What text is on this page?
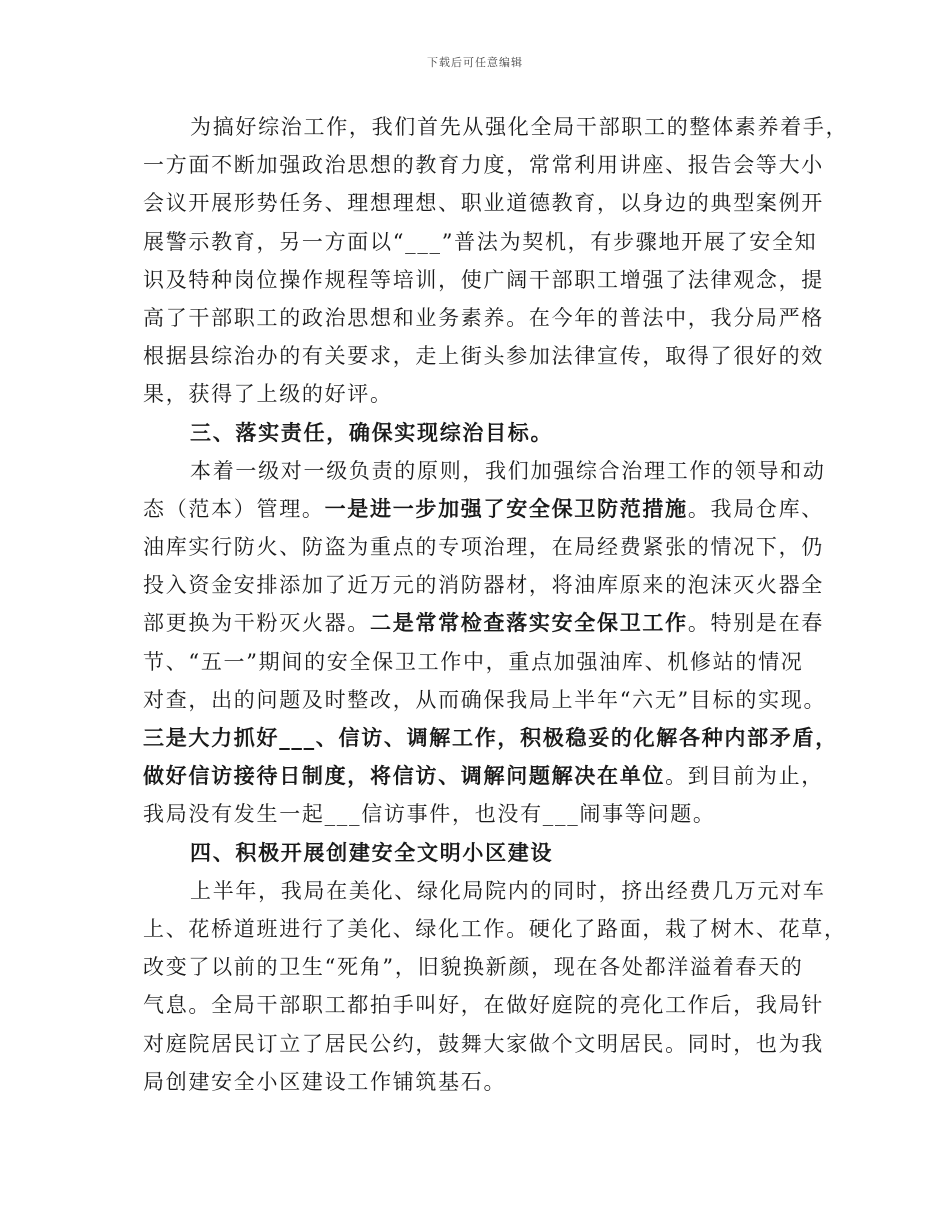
下载后可任意编辑
为搞好综治工作，我们首先从强化全局干部职工的整体素养着手，
一方面不断加强政治思想的教育力度，常常利用讲座、报告会等大小
会议开展形势任务、理想理想、职业道德教育，以身边的典型案例开
展警示教育，另一方面以“___”普法为契机，有步骤地开展了安全知
识及特种岗位操作规程等培训，使广阔干部职工增强了法律观念，提
高了干部职工的政治思想和业务素养。在今年的普法中，我分局严格
根据县综治办的有关要求，走上街头参加法律宣传，取得了很好的效
果，获得了上级的好评。
三、落实责任，确保实现综治目标。
本着一级对一级负责的原则，我们加强综合治理工作的领导和动
态（范本）管理。一是进一步加强了安全保卫防范措施。我局仓库、
油库实行防火、防盗为重点的专项治理，在局经费紧张的情况下，仍
投入资金安排添加了近万元的消防器材，将油库原来的泡沫灭火器全
部更换为干粉灭火器。二是常常检查落实安全保卫工作。特别是在春
节、“五一”期间的安全保卫工作中，重点加强油库、机修站的情况
对查，出的问题及时整改，从而确保我局上半年“六无”目标的实现。
三是大力抓好___、信访、调解工作，积极稳妥的化解各种内部矛盾，
做好信访接待日制度，将信访、调解问题解决在单位。到目前为止，
我局没有发生一起___信访事件，也没有___闹事等问题。
四、积极开展创建安全文明小区建设
上半年，我局在美化、绿化局院内的同时，挤出经费几万元对车
上、花桥道班进行了美化、绿化工作。硬化了路面，栽了树木、花草，
改变了以前的卫生“死角”，旧貌换新颜，现在各处都洋溢着春天的
气息。全局干部职工都拍手叫好，在做好庭院的亮化工作后，我局针
对庭院居民订立了居民公约，鼓舞大家做个文明居民。同时，也为我
局创建安全小区建设工作铺筑基石。
